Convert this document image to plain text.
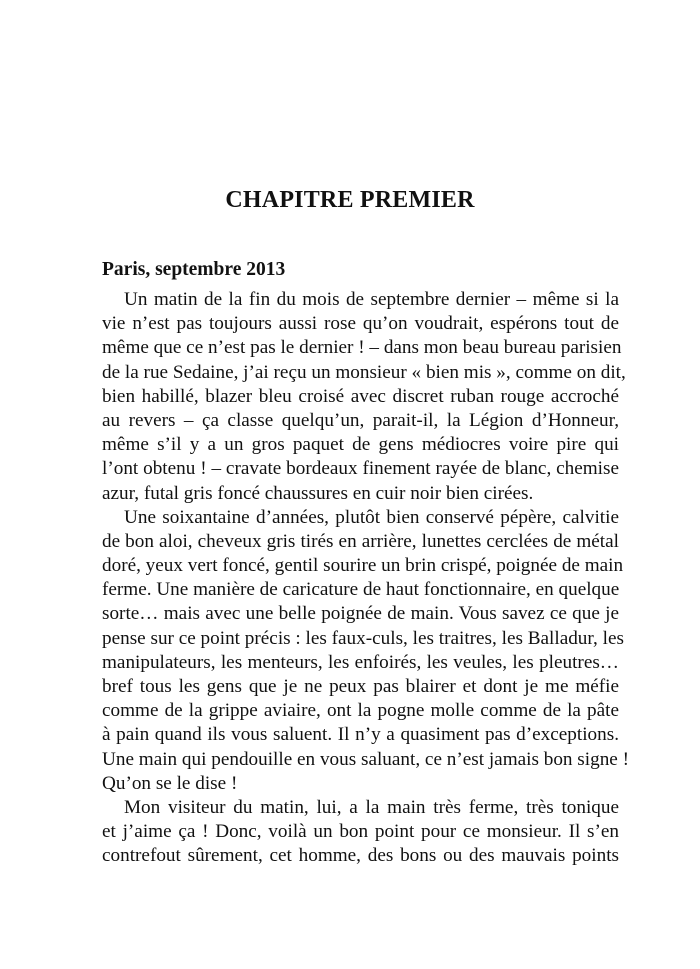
CHAPITRE PREMIER
Paris, septembre 2013
Un matin de la fin du mois de septembre dernier – même si la
vie n’est pas toujours aussi rose qu’on voudrait, espérons tout de
même que ce n’est pas le dernier ! – dans mon beau bureau parisien
de la rue Sedaine, j’ai reçu un monsieur « bien mis », comme on dit,
bien habillé, blazer bleu croisé avec discret ruban rouge accroché
au revers – ça classe quelqu’un, parait-il, la Légion d’Honneur,
même s’il y a un gros paquet de gens médiocres voire pire qui
l’ont obtenu ! – cravate bordeaux finement rayée de blanc, chemise
azur, futal gris foncé chaussures en cuir noir bien cirées.
Une soixantaine d’années, plutôt bien conservé pépère, calvitie
de bon aloi, cheveux gris tirés en arrière, lunettes cerclées de métal
doré, yeux vert foncé, gentil sourire un brin crispé, poignée de main
ferme. Une manière de caricature de haut fonctionnaire, en quelque
sorte… mais avec une belle poignée de main. Vous savez ce que je
pense sur ce point précis : les faux-culs, les traitres, les Balladur, les
manipulateurs, les menteurs, les enfoirés, les veules, les pleutres…
bref tous les gens que je ne peux pas blairer et dont je me méfie
comme de la grippe aviaire, ont la pogne molle comme de la pâte
à pain quand ils vous saluent. Il n’y a quasiment pas d’exceptions.
Une main qui pendouille en vous saluant, ce n’est jamais bon signe !
Qu’on se le dise !
Mon visiteur du matin, lui, a la main très ferme, très tonique
et j’aime ça ! Donc, voilà un bon point pour ce monsieur. Il s’en
contrefout sûrement, cet homme, des bons ou des mauvais points
